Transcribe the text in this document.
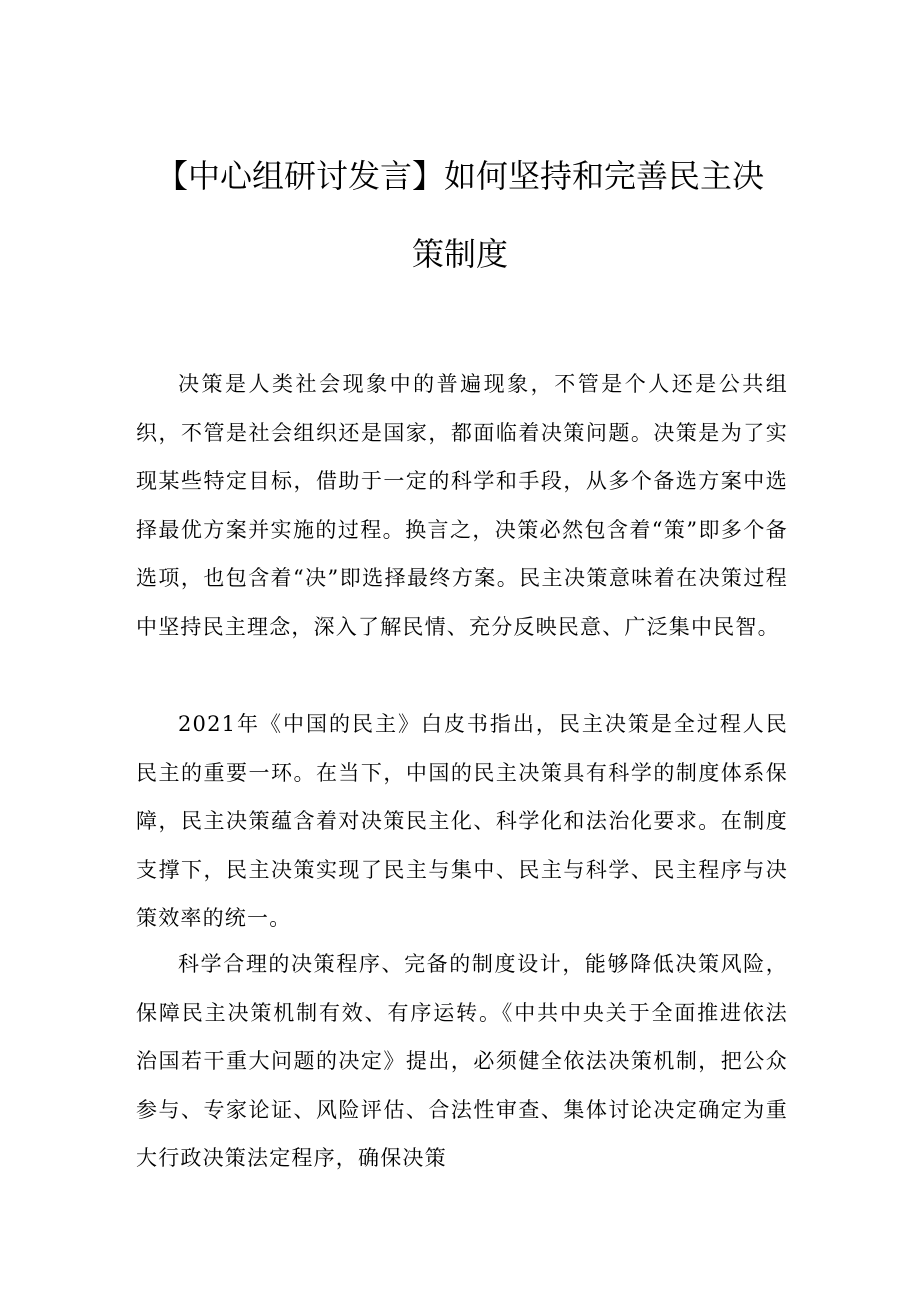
【中心组研讨发言】如何坚持和完善民主决
策制度

决策是人类社会现象中的普遍现象，不管是个人还是公共组织，不管是社会组织还是国家，都面临着决策问题。决策是为了实现某些特定目标，借助于一定的科学和手段，从多个备选方案中选择最优方案并实施的过程。换言之，决策必然包含着“策”即多个备选项，也包含着“决”即选择最终方案。民主决策意味着在决策过程中坚持民主理念，深入了解民情、充分反映民意、广泛集中民智。

2021年《中国的民主》白皮书指出，民主决策是全过程人民民主的重要一环。在当下，中国的民主决策具有科学的制度体系保障，民主决策蕴含着对决策民主化、科学化和法治化要求。在制度支撑下，民主决策实现了民主与集中、民主与科学、民主程序与决策效率的统一。

科学合理的决策程序、完备的制度设计，能够降低决策风险，保障民主决策机制有效、有序运转。《中共中央关于全面推进依法治国若干重大问题的决定》提出，必须健全依法决策机制，把公众参与、专家论证、风险评估、合法性审查、集体讨论决定确定为重大行政决策法定程序，确保决策
